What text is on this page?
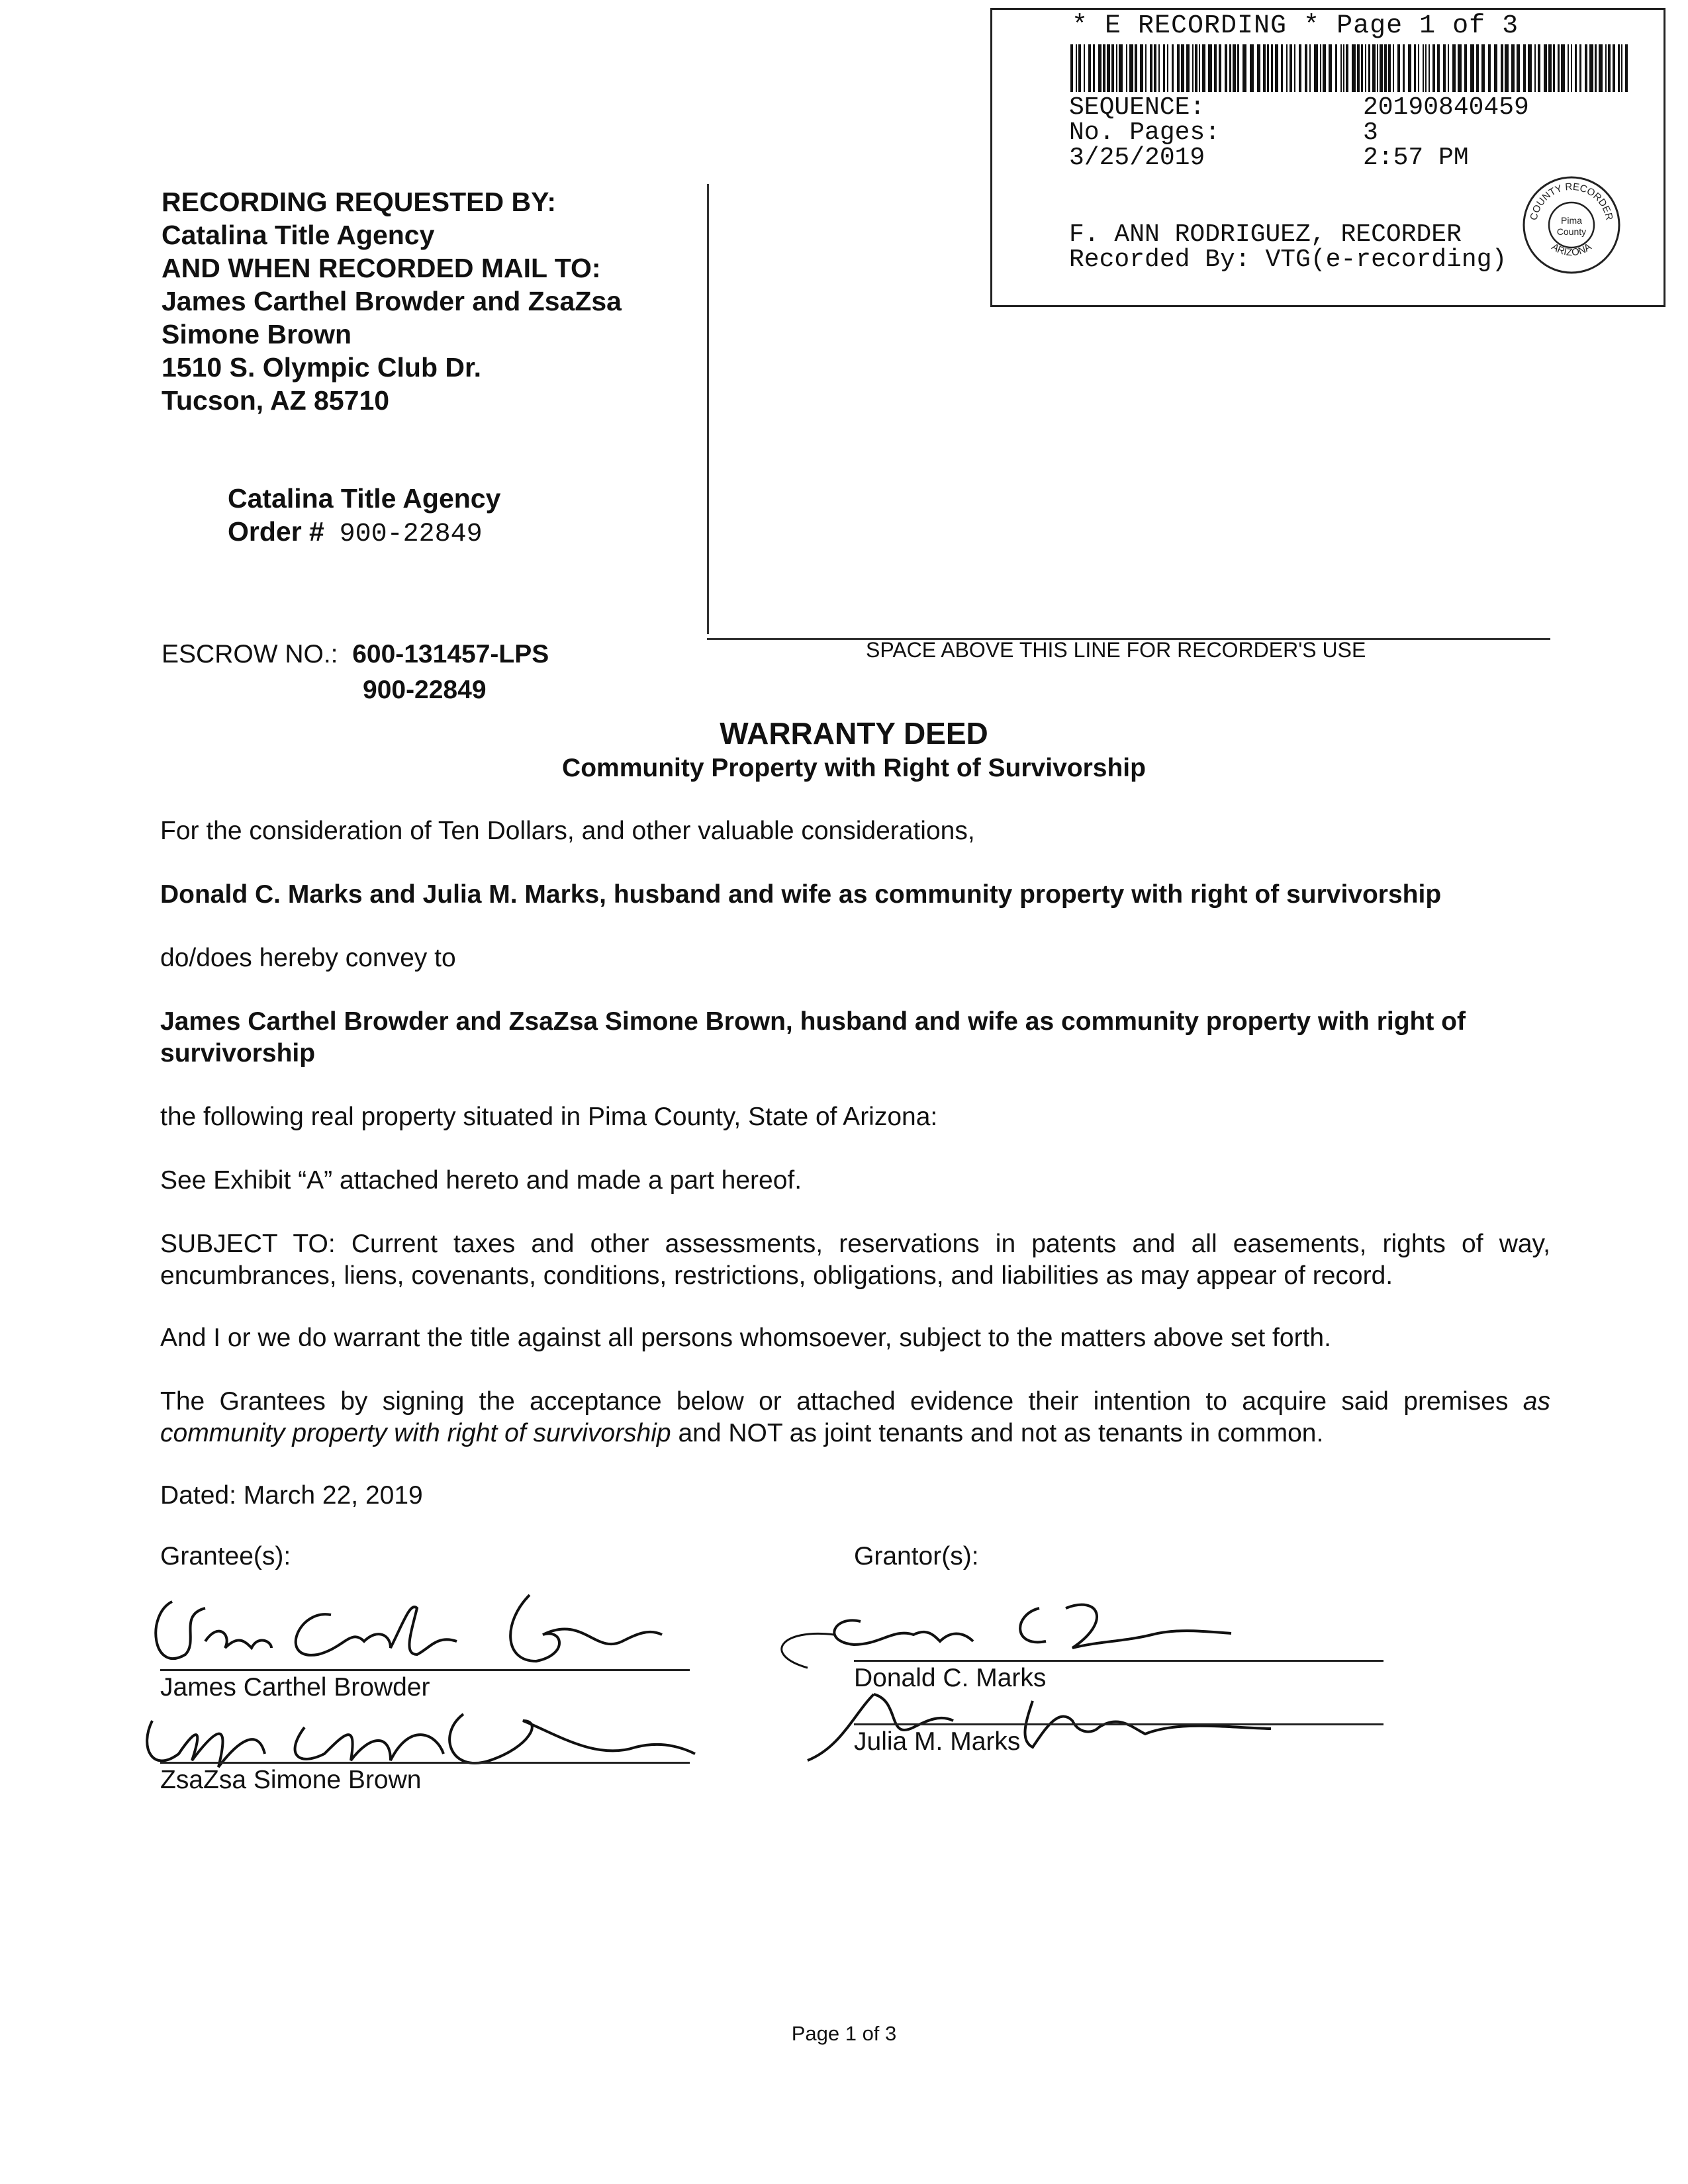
* E RECORDING * Page 1 of 3
SEQUENCE:	20190840459
No. Pages:	3
3/25/2019	2:57 PM
F. ANN RODRIGUEZ, RECORDER
Recorded By: VTG(e-recording)
COUNTY RECORDER
ARIZONA
Pima
County
RECORDING REQUESTED BY:
Catalina Title Agency
AND WHEN RECORDED MAIL TO:
James Carthel Browder and ZsaZsa
Simone Brown
1510 S. Olympic Club Dr.
Tucson, AZ 85710
Catalina Title Agency
Order # 900-22849
ESCROW NO.: 600-131457-LPS
900-22849
SPACE ABOVE THIS LINE FOR RECORDER'S USE
WARRANTY DEED
Community Property with Right of Survivorship
For the consideration of Ten Dollars, and other valuable considerations,
Donald C. Marks and Julia M. Marks, husband and wife as community property with right of survivorship
do/does hereby convey to
James Carthel Browder and ZsaZsa Simone Brown, husband and wife as community property with right of survivorship
the following real property situated in Pima County, State of Arizona:
See Exhibit “A” attached hereto and made a part hereof.
SUBJECT TO: Current taxes and other assessments, reservations in patents and all easements, rights of way, encumbrances, liens, covenants, conditions, restrictions, obligations, and liabilities as may appear of record.
And I or we do warrant the title against all persons whomsoever, subject to the matters above set forth.
The Grantees by signing the acceptance below or attached evidence their intention to acquire said premises as community property with right of survivorship and NOT as joint tenants and not as tenants in common.
Dated: March 22, 2019
Grantee(s):
James Carthel Browder
ZsaZsa Simone Brown
Grantor(s):
Donald C. Marks
Julia M. Marks
Page 1 of 3
